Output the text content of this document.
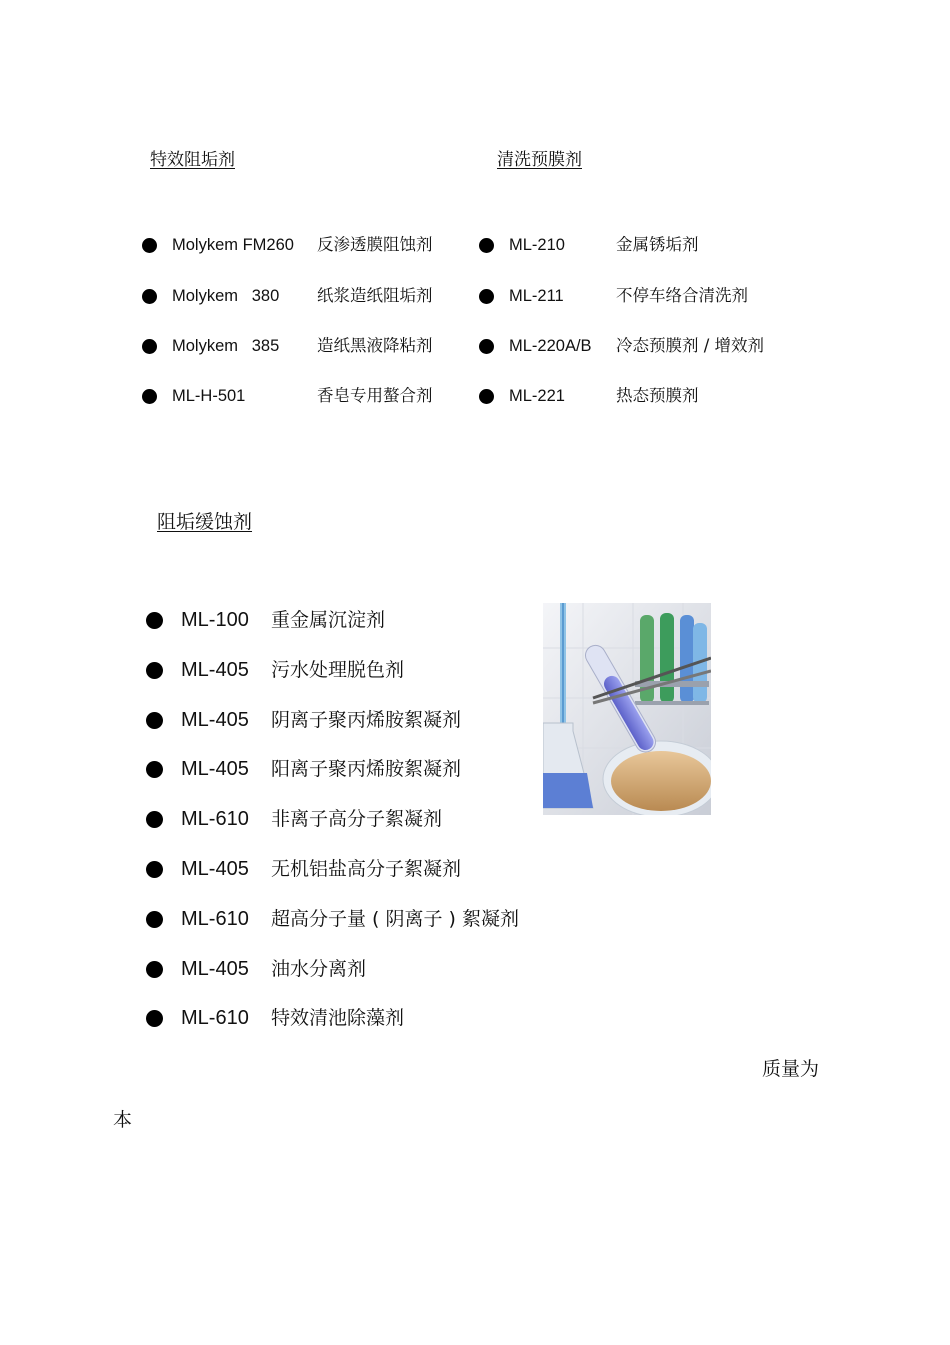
特效阻垢剂	清洗预膜剂
阻垢缓蚀剂
Molykem FM260 反渗透膜阻蚀剂
Molykem   380 纸浆造纸阻垢剂
Molykem   385 造纸黑液降粘剂
ML-H-501	香皂专用螯合剂
ML-210	金属锈垢剂
ML-211	不停车络合清洗剂
ML-220A/B 冷态预膜剂 / 增效剂
ML-221	热态预膜剂
ML-100 重金属沉淀剂
ML-405 污水处理脱色剂
ML-405 阴离子聚丙烯胺絮凝剂
ML-405 阳离子聚丙烯胺絮凝剂
ML-610 非离子高分子絮凝剂
ML-405 无机铝盐高分子絮凝剂
ML-610 超高分子量 ( 阴离子 ) 絮凝剂
ML-405 油水分离剂
ML-610 特效清池除藻剂
质量为
本
